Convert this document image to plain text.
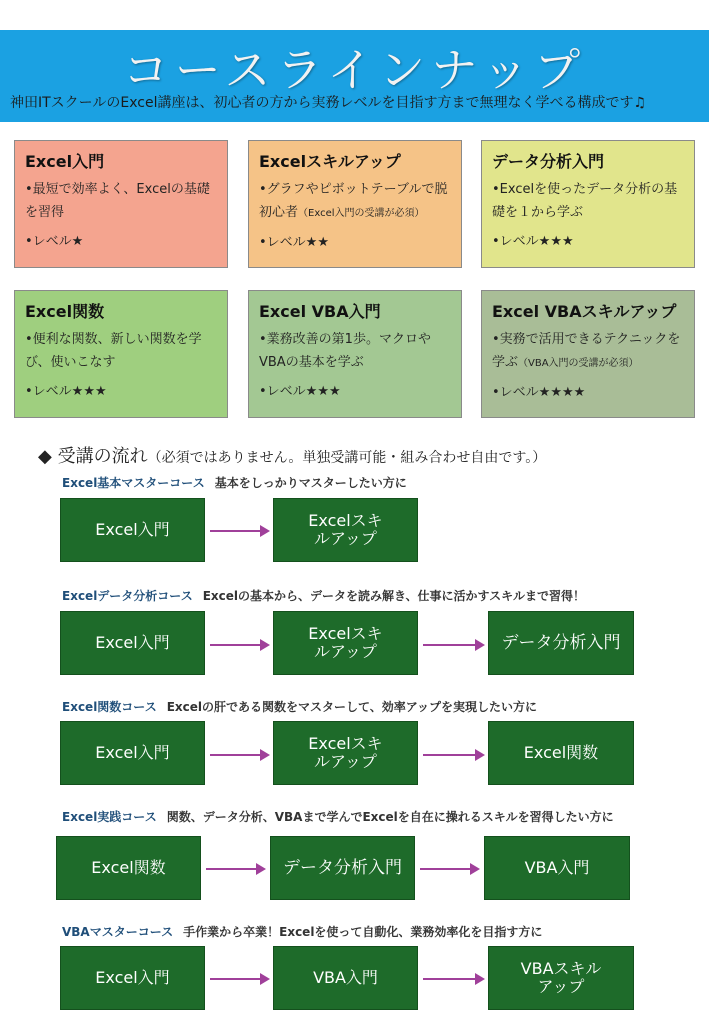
コースラインナップ
神田ITスクールのExcel講座は、初心者の方から実務レベルを目指す方まで無理なく学べる構成です♫
Excel入門
•最短で効率よく、Excelの基礎を習得
•レベル★
Excelスキルアップ
•グラフやピボットテーブルで脱初心者（Excel入門の受講が必須）
•レベル★★
データ分析入門
•Excelを使ったデータ分析の基礎を１から学ぶ
•レベル★★★
Excel関数
•便利な関数、新しい関数を学び、使いこなす
•レベル★★★
Excel VBA入門
•業務改善の第1歩。マクロやVBAの基本を学ぶ
•レベル★★★
Excel VBAスキルアップ
•実務で活用できるテクニックを学ぶ（VBA入門の受講が必須）
•レベル★★★★
◆ 受講の流れ（必須ではありません。単独受講可能・組み合わせ自由です。）
Excel基本マスターコース 基本をしっかりマスターしたい方に
Excel入門	Excelスキルアップ
Excelデータ分析コース Excelの基本から、データを読み解き、仕事に活かすスキルまで習得！
Excel入門	Excelスキルアップ	データ分析入門
Excel関数コース Excelの肝である関数をマスターして、効率アップを実現したい方に
Excel入門	Excelスキルアップ	Excel関数
Excel実践コース 関数、データ分析、VBAまで学んでExcelを自在に操れるスキルを習得したい方に
Excel関数	データ分析入門	VBA入門
VBAマスターコース 手作業から卒業！Excelを使って自動化、業務効率化を目指す方に
Excel入門	VBA入門	VBAスキルアップ
